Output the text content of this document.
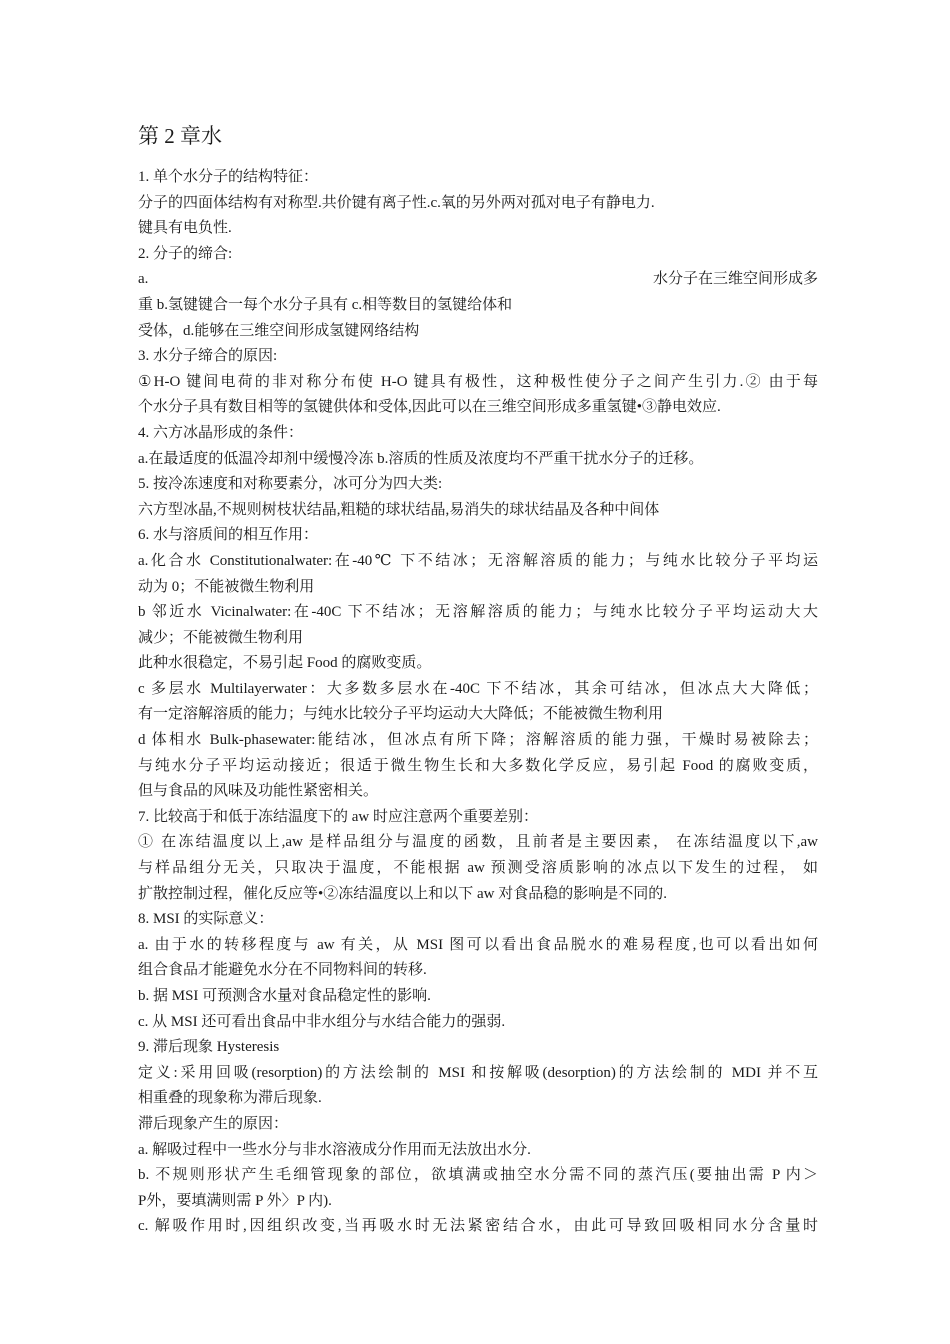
第 2 章水
1. 单个水分子的结构特征：
分子的四面体结构有对称型.共价键有离子性.c.氧的另外两对孤对电子有静电力.
键具有电负性.
2. 分子的缔合:
a.	水分子在三维空间形成多
重 b.氢键键合一每个水分子具有 c.相等数目的氢键给体和
受体，d.能够在三维空间形成氢键网络结构
3. 水分子缔合的原因:
①H-O 键间电荷的非对称分布使 H-O 键具有极性，这种极性使分子之间产生引力.② 由于每
个水分子具有数目相等的氢键供体和受体,因此可以在三维空间形成多重氢键•③静电效应.
4. 六方冰晶形成的条件：
a.在最适度的低温冷却剂中缓慢冷冻 b.溶质的性质及浓度均不严重干扰水分子的迁移。
5. 按冷冻速度和对称要素分，冰可分为四大类:
六方型冰晶,不规则树枝状结晶,粗糙的球状结晶,易消失的球状结晶及各种中间体
6. 水与溶质间的相互作用：
a.化合水 Constitutionalwater:在-40℃ 下不结冰；无溶解溶质的能力；与纯水比较分子平均运
动为 0；不能被微生物利用
b 邻近水 Vicinalwater:在-40C 下不结冰；无溶解溶质的能力；与纯水比较分子平均运动大大
减少；不能被微生物利用
此种水很稳定，不易引起 Food 的腐败变质。
c 多层水 Multilayerwater：大多数多层水在-40C 下不结冰，其余可结冰，但冰点大大降低；
有一定溶解溶质的能力；与纯水比较分子平均运动大大降低；不能被微生物利用
d 体相水 Bulk-phasewater:能结冰，但冰点有所下降；溶解溶质的能力强，干燥时易被除去；
与纯水分子平均运动接近；很适于微生物生长和大多数化学反应，易引起 Food 的腐败变质，
但与食品的风味及功能性紧密相关。
7. 比较高于和低于冻结温度下的 aw 时应注意两个重要差别：
① 在冻结温度以上,aw 是样品组分与温度的函数，且前者是主要因素， 在冻结温度以下,aw
与样品组分无关，只取决于温度，不能根据 aw 预测受溶质影响的冰点以下发生的过程， 如
扩散控制过程，催化反应等•②冻结温度以上和以下 aw 对食品稳的影响是不同的.
8. MSI 的实际意义：
a. 由于水的转移程度与 aw 有关，从 MSI 图可以看出食品脱水的难易程度,也可以看出如何
组合食品才能避免水分在不同物料间的转移.
b. 据 MSI 可预测含水量对食品稳定性的影响.
c. 从 MSI 还可看出食品中非水组分与水结合能力的强弱.
9. 滞后现象 Hysteresis
定义:采用回吸(resorption)的方法绘制的 MSI 和按解吸(desorption)的方法绘制的 MDI 并不互
相重叠的现象称为滞后现象.
滞后现象产生的原因：
a. 解吸过程中一些水分与非水溶液成分作用而无法放出水分.
b. 不规则形状产生毛细管现象的部位，欲填满或抽空水分需不同的蒸汽压(要抽出需 P 内＞
P外，要填满则需 P 外〉P 内).
c. 解吸作用时,因组织改变,当再吸水时无法紧密结合水，由此可导致回吸相同水分含量时
